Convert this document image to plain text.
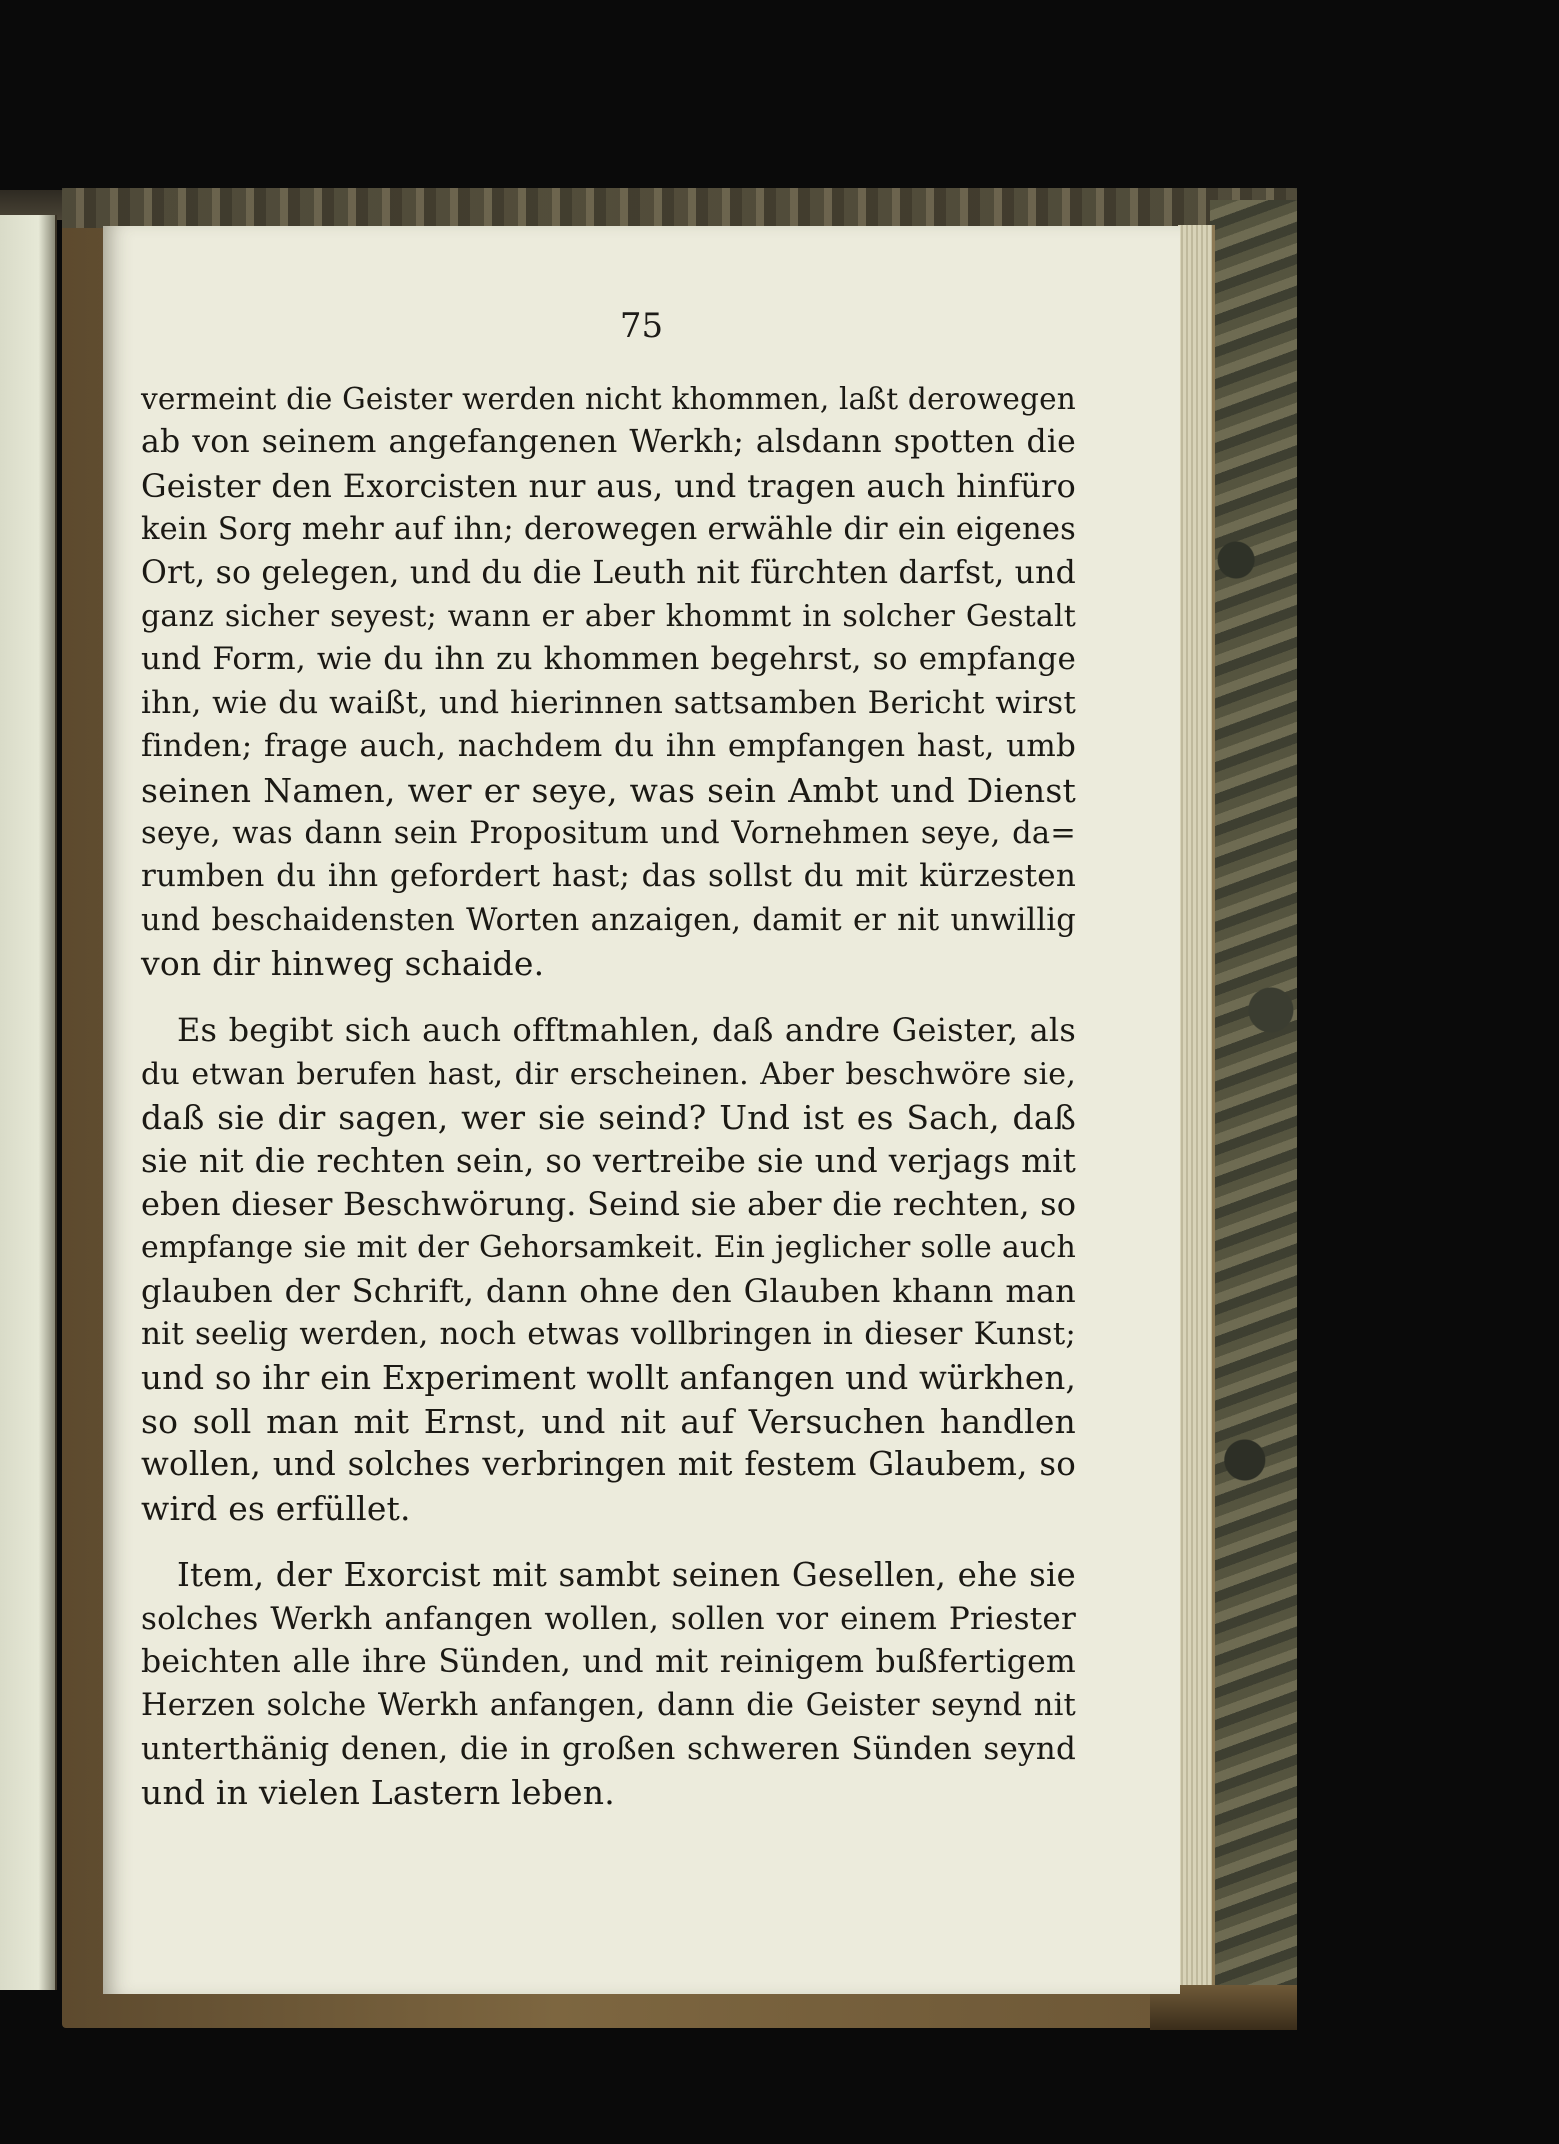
75
vermeint die Geister werden nicht khommen, laßt derowegen
ab von seinem angefangenen Werkh; alsdann spotten die
Geister den Exorcisten nur aus, und tragen auch hinfüro
kein Sorg mehr auf ihn; derowegen erwähle dir ein eigenes
Ort, so gelegen, und du die Leuth nit fürchten darfst, und
ganz sicher seyest; wann er aber khommt in solcher Gestalt
und Form, wie du ihn zu khommen begehrst, so empfange
ihn, wie du waißt, und hierinnen sattsamben Bericht wirst
finden; frage auch, nachdem du ihn empfangen hast, umb
seinen Namen, wer er seye, was sein Ambt und Dienst
seye, was dann sein Propositum und Vornehmen seye, da=
rumben du ihn gefordert hast; das sollst du mit kürzesten
und beschaidensten Worten anzaigen, damit er nit unwillig
von dir hinweg schaide.
Es begibt sich auch offtmahlen, daß andre Geister, als
du etwan berufen hast, dir erscheinen. Aber beschwöre sie,
daß sie dir sagen, wer sie seind? Und ist es Sach, daß
sie nit die rechten sein, so vertreibe sie und verjags mit
eben dieser Beschwörung. Seind sie aber die rechten, so
empfange sie mit der Gehorsamkeit. Ein jeglicher solle auch
glauben der Schrift, dann ohne den Glauben khann man
nit seelig werden, noch etwas vollbringen in dieser Kunst;
und so ihr ein Experiment wollt anfangen und würkhen,
so soll man mit Ernst, und nit auf Versuchen handlen
wollen, und solches verbringen mit festem Glaubem, so
wird es erfüllet.
Item, der Exorcist mit sambt seinen Gesellen, ehe sie
solches Werkh anfangen wollen, sollen vor einem Priester
beichten alle ihre Sünden, und mit reinigem bußfertigem
Herzen solche Werkh anfangen, dann die Geister seynd nit
unterthänig denen, die in großen schweren Sünden seynd
und in vielen Lastern leben.
